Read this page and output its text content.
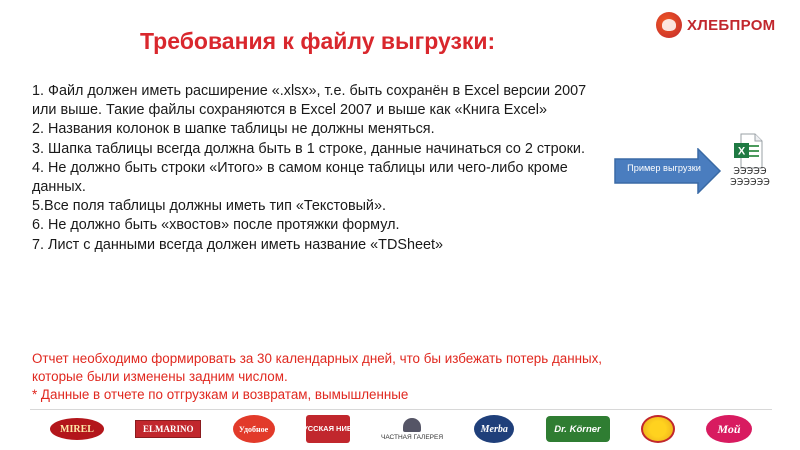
ХЛЕБПРОМ
Требования к файлу выгрузки:
1. Файл должен иметь расширение «.xlsx», т.е. быть сохранён в Excel версии 2007 или выше. Такие файлы сохраняются в Excel 2007 и выше как «Книга Excel»
2. Названия колонок в шапке таблицы не должны меняться.
3. Шапка таблицы всегда должна быть в 1 строке, данные начинаться со 2 строки.
4. Не должно быть строки «Итого» в самом конце таблицы или чего-либо кроме данных.
5.Все поля таблицы должны иметь тип «Текстовый».
6. Не должно быть «хвостов» после протяжки формул.
7. Лист с данными всегда должен иметь название «TDSheet»
Пример выгрузки
X
ЭЭЭЭЭ ЭЭЭЭЭЭ
Отчет необходимо формировать за 30 календарных дней, что бы избежать потерь данных, которые были изменены задним числом.
* Данные в отчете по отгрузкам и возвратам, вымышленные
MIREL	ELMARINO	Удобное	РУССКАЯ НИВА
ЧАСТНАЯ ГАЛЕРЕЯ
Merba	Dr. Körner	Мой
